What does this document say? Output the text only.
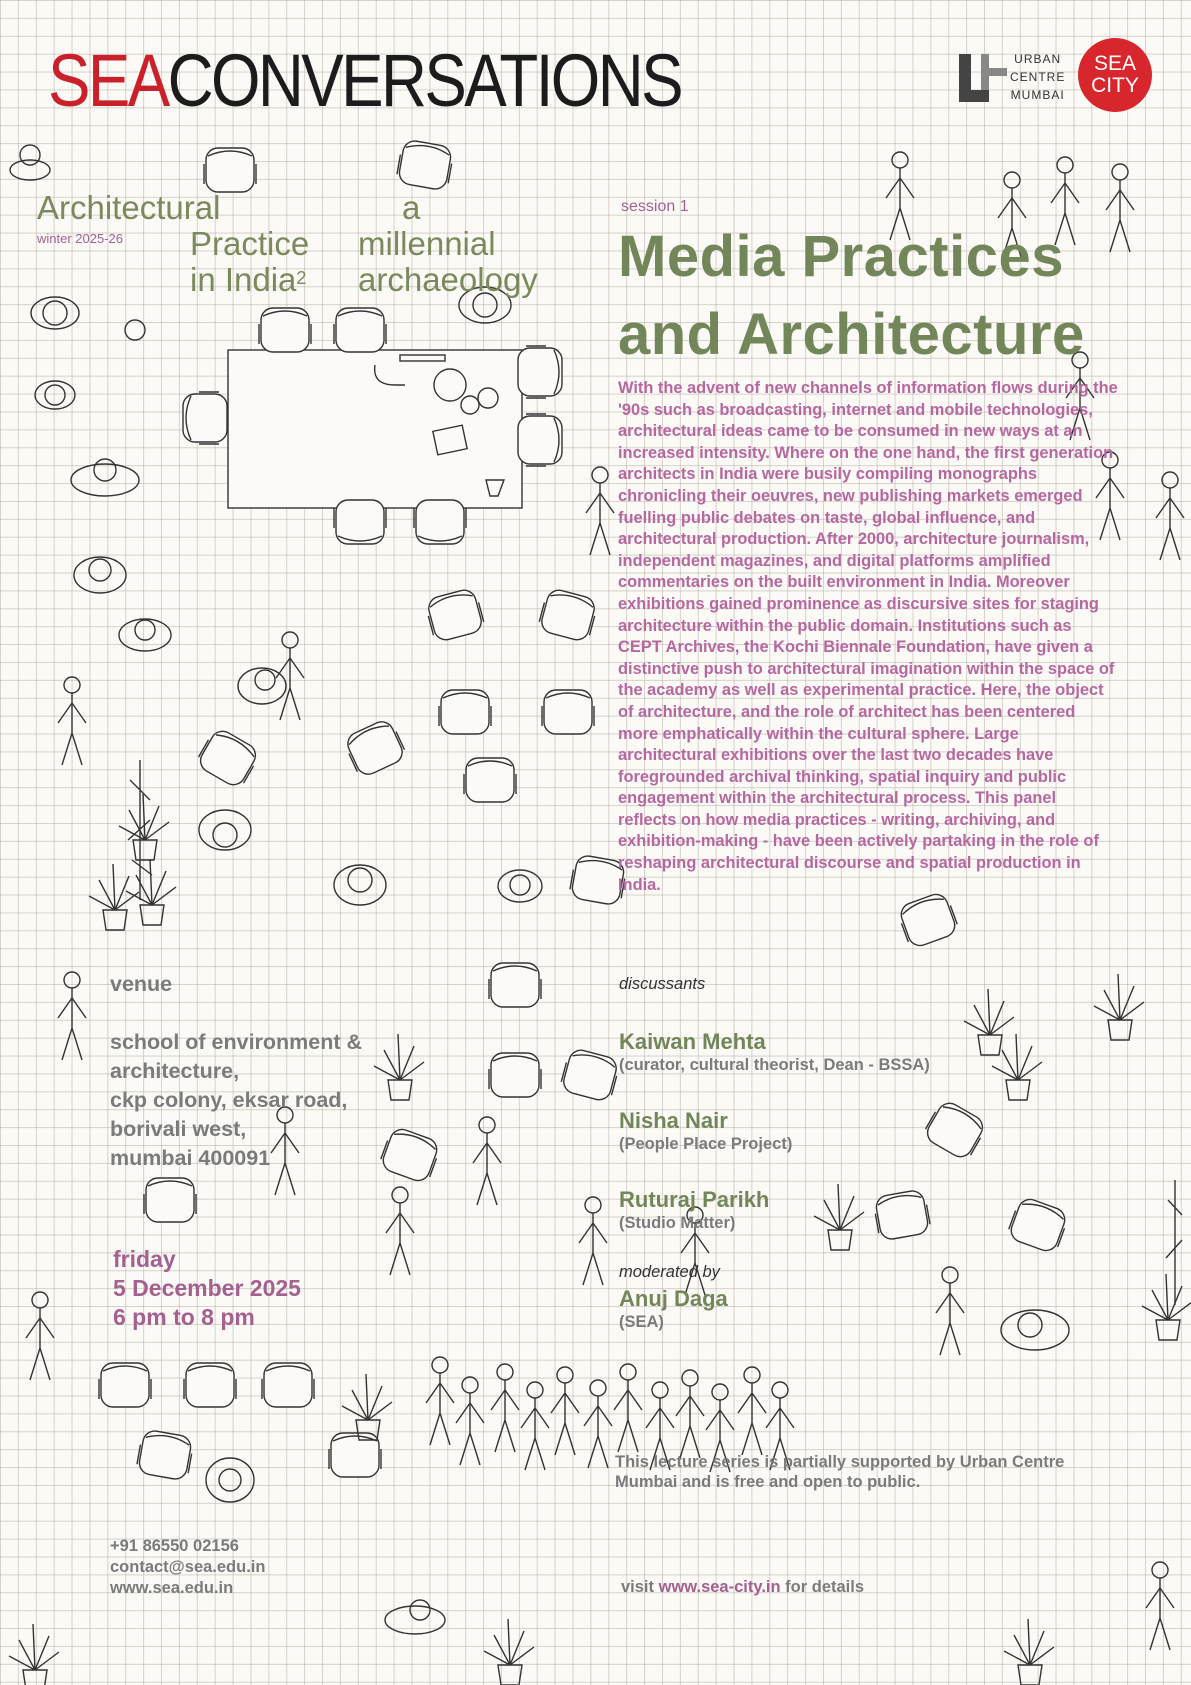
SEACONVERSATIONS	URBAN
CENTRE
MUMBAI
SEA
CITY
Architectural
winter 2025-26 Practice
in India$^2$
a
millennial
archaeology
session 1
Media Practices
and Architecture
With the advent of new channels of information flows during the '90s such as broadcasting, internet and mobile technologies, architectural ideas came to be consumed in new ways at an increased intensity. Where on the one hand, the first generation architects in India were busily compiling monographs chronicling their oeuvres, new publishing markets emerged fuelling public debates on taste, global influence, and architectural production. After 2000, architecture journalism, independent magazines, and digital platforms amplified commentaries on the built environment in India. Moreover exhibitions gained prominence as discursive sites for staging architecture within the public domain. Institutions such as CEPT Archives, the Kochi Biennale Foundation, have given a distinctive push to architectural imagination within the space of the academy as well as experimental practice. Here, the object of architecture, and the role of architect has been centered more emphatically within the cultural sphere. Large architectural exhibitions over the last two decades have foregrounded archival thinking, spatial inquiry and public engagement within the architectural process. This panel reflects on how media practices - writing, archiving, and exhibition-making - have been actively partaking in the role of reshaping architectural discourse and spatial production in India.
venue
school of environment &
architecture,
ckp colony, eksar road,
borivali west,
mumbai 400091
friday
5 December 2025
6 pm to 8 pm
+91 86550 02156
contact@sea.edu.in
www.sea.edu.in
discussants
Kaiwan Mehta
(curator, cultural theorist, Dean - BSSA)
Nisha Nair
(People Place Project)
Ruturaj Parikh
(Studio Matter)
moderated by
Anuj Daga
(SEA)
This lecture series is partially supported by Urban Centre Mumbai and is free and open to public.
visit www.sea-city.in for details
